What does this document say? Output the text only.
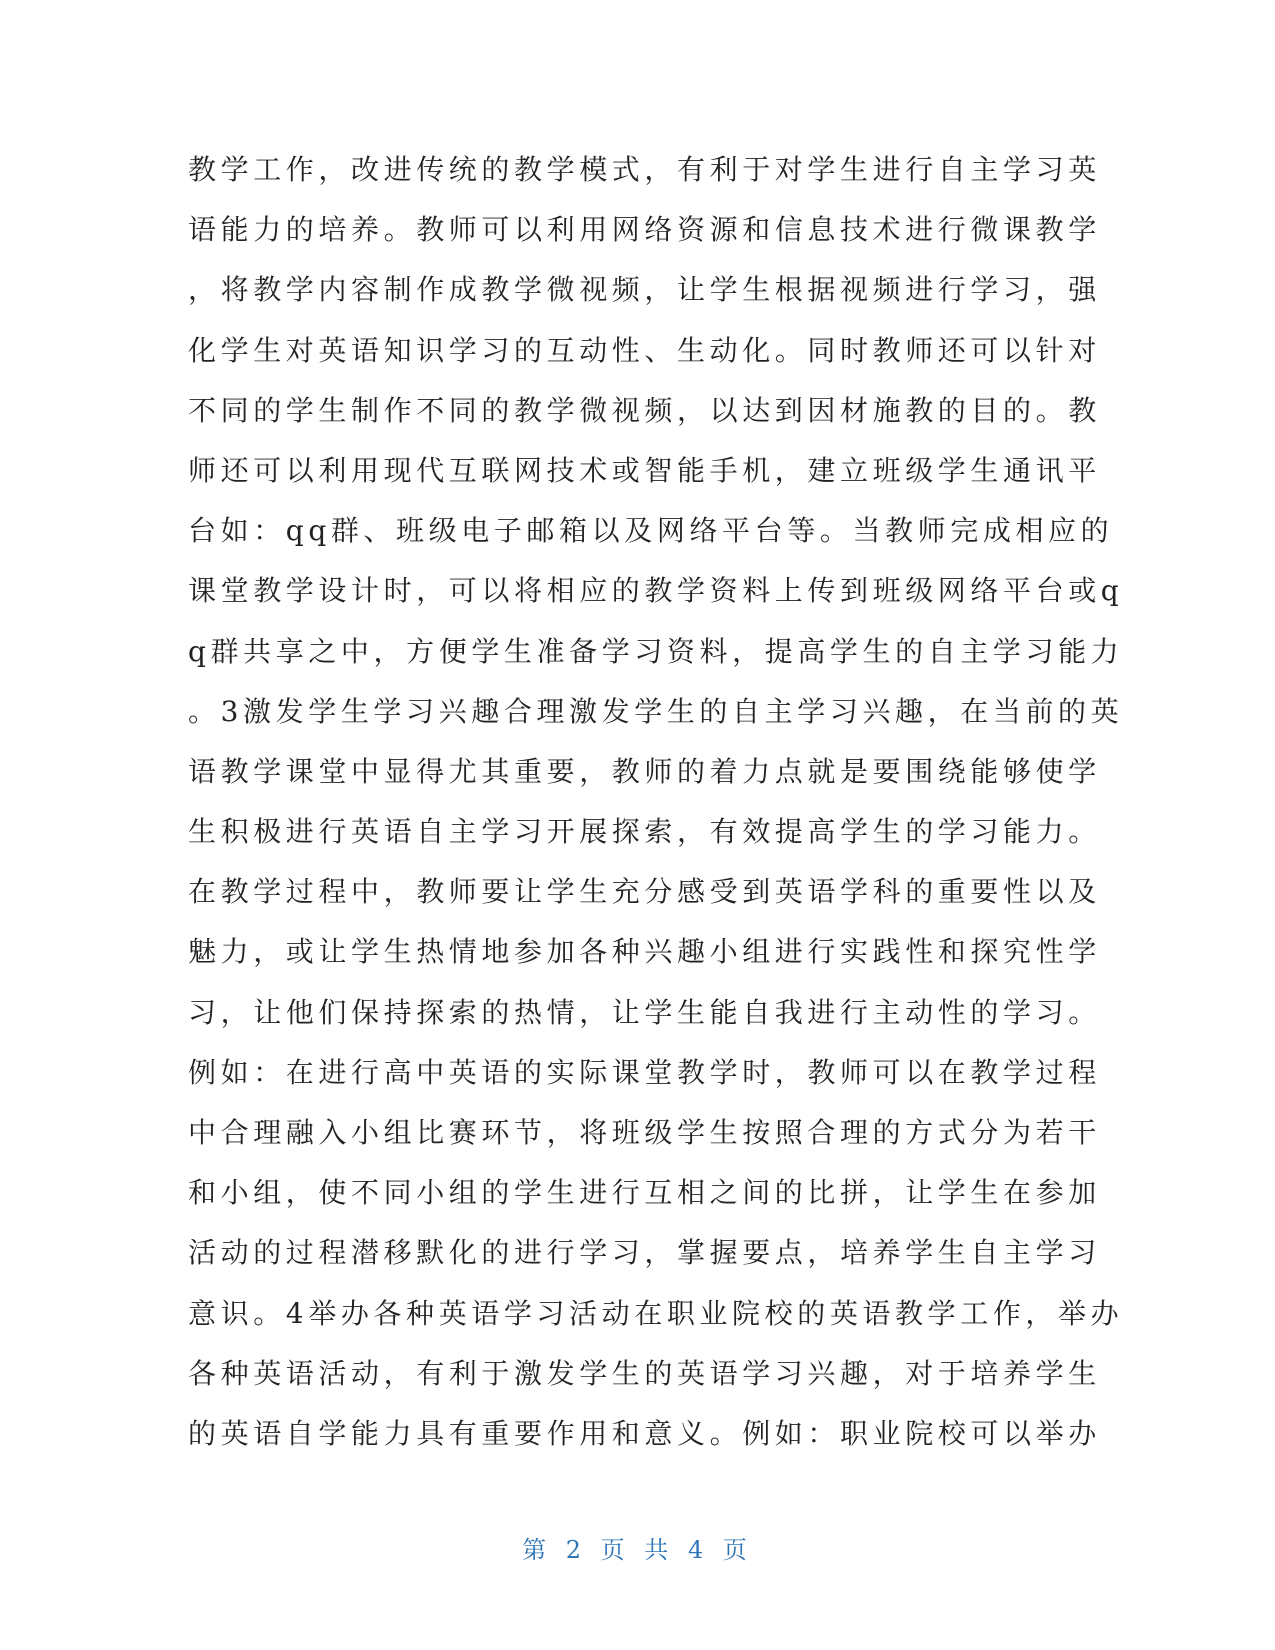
教学工作，改进传统的教学模式，有利于对学生进行自主学习英
语能力的培养。教师可以利用网络资源和信息技术进行微课教学
，将教学内容制作成教学微视频，让学生根据视频进行学习，强
化学生对英语知识学习的互动性、生动化。同时教师还可以针对
不同的学生制作不同的教学微视频，以达到因材施教的目的。教
师还可以利用现代互联网技术或智能手机，建立班级学生通讯平
台如：qq群、班级电子邮箱以及网络平台等。当教师完成相应的
课堂教学设计时，可以将相应的教学资料上传到班级网络平台或q
q群共享之中，方便学生准备学习资料，提高学生的自主学习能力
。3激发学生学习兴趣合理激发学生的自主学习兴趣，在当前的英
语教学课堂中显得尤其重要，教师的着力点就是要围绕能够使学
生积极进行英语自主学习开展探索，有效提高学生的学习能力。
在教学过程中，教师要让学生充分感受到英语学科的重要性以及
魅力，或让学生热情地参加各种兴趣小组进行实践性和探究性学
习，让他们保持探索的热情，让学生能自我进行主动性的学习。
例如：在进行高中英语的实际课堂教学时，教师可以在教学过程
中合理融入小组比赛环节，将班级学生按照合理的方式分为若干
和小组，使不同小组的学生进行互相之间的比拼，让学生在参加
活动的过程潜移默化的进行学习，掌握要点，培养学生自主学习
意识。4举办各种英语学习活动在职业院校的英语教学工作，举办
各种英语活动，有利于激发学生的英语学习兴趣，对于培养学生
的英语自学能力具有重要作用和意义。例如：职业院校可以举办
第 2 页 共 4 页
